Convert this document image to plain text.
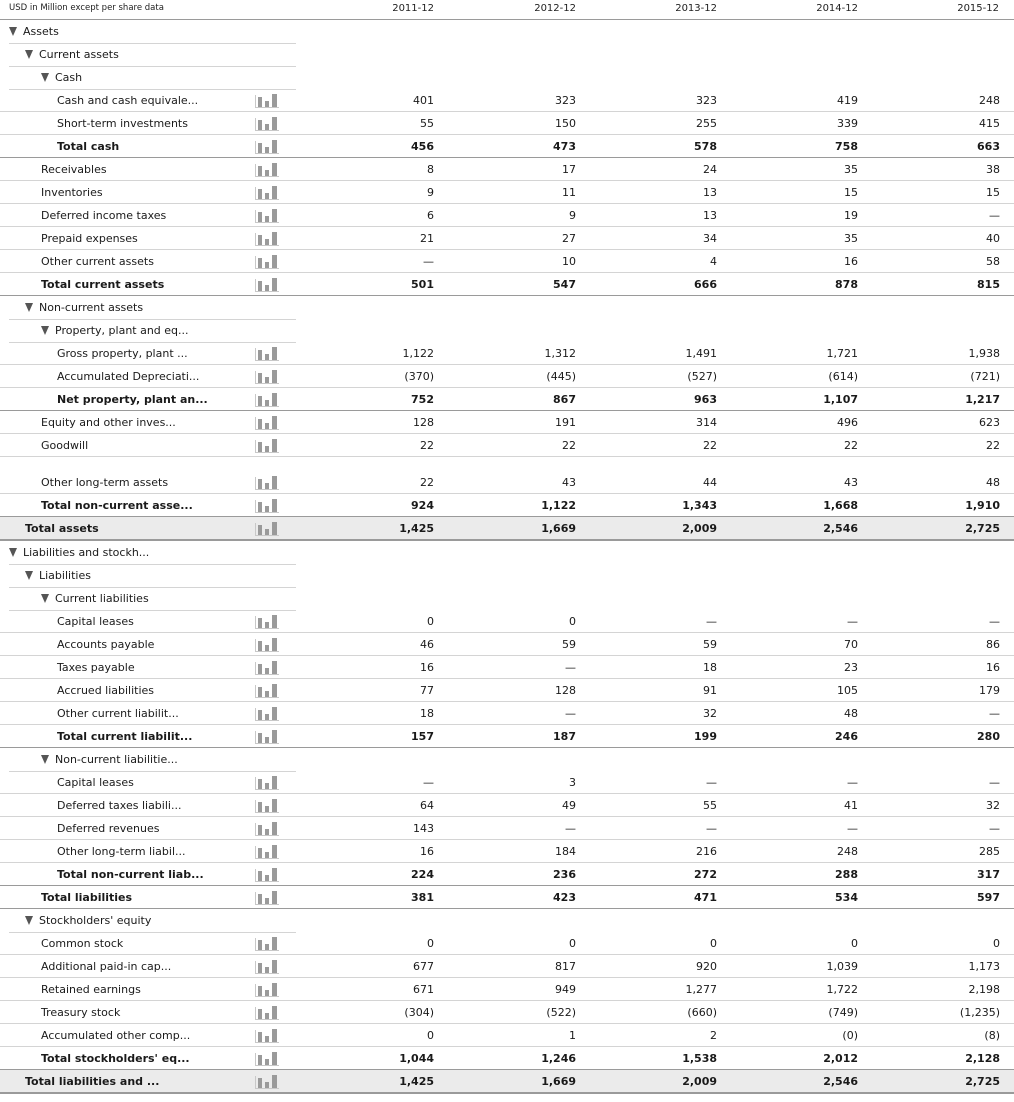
USD in Million except per share data	2011-12	2012-12	2013-12	2014-12	2015-12
Assets
Current assets
Cash
Cash and cash equivale...	401	323	323	419	248
Short-term investments	55	150	255	339	415
Total cash	456	473	578	758	663
Receivables	8	17	24	35	38
Inventories	9	11	13	15	15
Deferred income taxes	6	9	13	19	—
Prepaid expenses	21	27	34	35	40
Other current assets	—	10	4	16	58
Total current assets	501	547	666	878	815
Non-current assets
Property, plant and eq...
Gross property, plant ...	1,122	1,312	1,491	1,721	1,938
Accumulated Depreciati...	(370)	(445)	(527)	(614)	(721)
Net property, plant an...	752	867	963	1,107	1,217
Equity and other inves...	128	191	314	496	623
Goodwill	22	22	22	22	22
Other long-term assets	22	43	44	43	48
Total non-current asse...	924	1,122	1,343	1,668	1,910
Total assets	1,425	1,669	2,009	2,546	2,725
Liabilities and stockh...
Liabilities
Current liabilities
Capital leases	0	0	—	—	—
Accounts payable	46	59	59	70	86
Taxes payable	16	—	18	23	16
Accrued liabilities	77	128	91	105	179
Other current liabilit...	18	—	32	48	—
Total current liabilit...	157	187	199	246	280
Non-current liabilitie...
Capital leases	—	3	—	—	—
Deferred taxes liabili...	64	49	55	41	32
Deferred revenues	143	—	—	—	—
Other long-term liabil...	16	184	216	248	285
Total non-current liab...	224	236	272	288	317
Total liabilities	381	423	471	534	597
Stockholders' equity
Common stock	0	0	0	0	0
Additional paid-in cap...	677	817	920	1,039	1,173
Retained earnings	671	949	1,277	1,722	2,198
Treasury stock	(304)	(522)	(660)	(749)	(1,235)
Accumulated other comp...	0	1	2	(0)	(8)
Total stockholders' eq...	1,044	1,246	1,538	2,012	2,128
Total liabilities and ...	1,425	1,669	2,009	2,546	2,725
